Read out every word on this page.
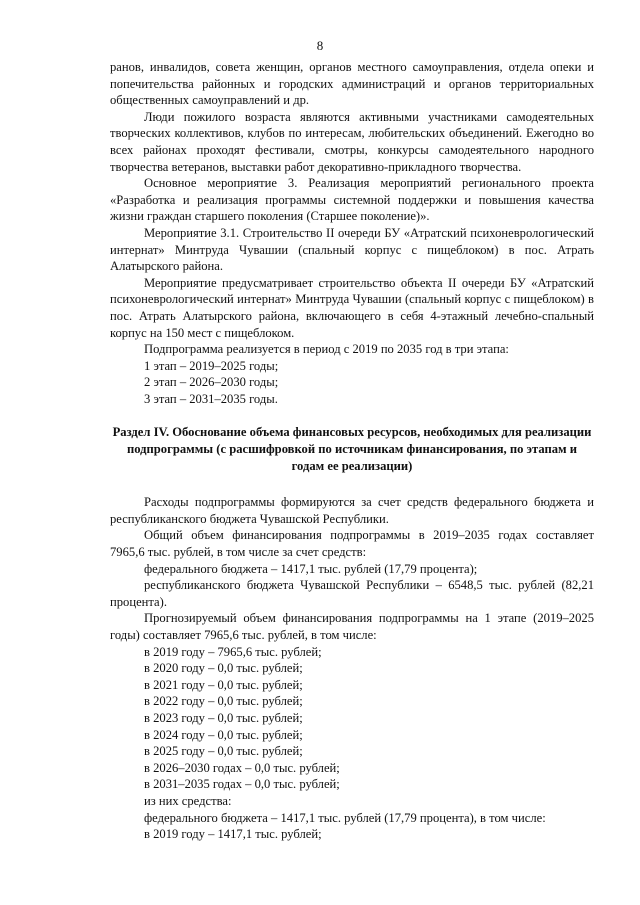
8

ранов, инвалидов, совета женщин, органов местного самоуправления, отдела опеки и попечительства районных и городских администраций и органов территориальных общественных самоуправлений и др.

Люди пожилого возраста являются активными участниками самодеятельных творческих коллективов, клубов по интересам, любительских объединений. Ежегодно во всех районах проходят фестивали, смотры, конкурсы самодеятельного народного творчества ветеранов, выставки работ декоративно-прикладного творчества.

Основное мероприятие 3. Реализация мероприятий регионального проекта «Разработка и реализация программы системной поддержки и повышения качества жизни граждан старшего поколения (Старшее поколение)».

Мероприятие 3.1. Строительство II очереди БУ «Атратский психоневрологический интернат» Минтруда Чувашии (спальный корпус с пищеблоком) в пос. Атрать Алатырского района.

Мероприятие предусматривает строительство объекта II очереди БУ «Атратский психоневрологический интернат» Минтруда Чувашии (спальный корпус с пищеблоком) в пос. Атрать Алатырского района, включающего в себя 4-этажный лечебно-спальный корпус на 150 мест с пищеблоком.

Подпрограмма реализуется в период с 2019 по 2035 год в три этапа:

1 этап – 2019–2025 годы;

2 этап – 2026–2030 годы;

3 этап – 2031–2035 годы.

Раздел IV. Обоснование объема финансовых ресурсов, необходимых для реализации подпрограммы (с расшифровкой по источникам финансирования, по этапам и годам ее реализации)

Расходы подпрограммы формируются за счет средств федерального бюджета и республиканского бюджета Чувашской Республики.

Общий объем финансирования подпрограммы в 2019–2035 годах составляет 7965,6 тыс. рублей, в том числе за счет средств:

федерального бюджета – 1417,1 тыс. рублей (17,79 процента);

республиканского бюджета Чувашской Республики – 6548,5 тыс. рублей (82,21 процента).

Прогнозируемый объем финансирования подпрограммы на 1 этапе (2019–2025 годы) составляет 7965,6 тыс. рублей, в том числе:

в 2019 году – 7965,6 тыс. рублей;

в 2020 году – 0,0 тыс. рублей;

в 2021 году – 0,0 тыс. рублей;

в 2022 году – 0,0 тыс. рублей;

в 2023 году – 0,0 тыс. рублей;

в 2024 году – 0,0 тыс. рублей;

в 2025 году – 0,0 тыс. рублей;

в 2026–2030 годах – 0,0 тыс. рублей;

в 2031–2035 годах – 0,0 тыс. рублей;

из них средства:

федерального бюджета – 1417,1 тыс. рублей (17,79 процента), в том числе:

в 2019 году – 1417,1 тыс. рублей;
